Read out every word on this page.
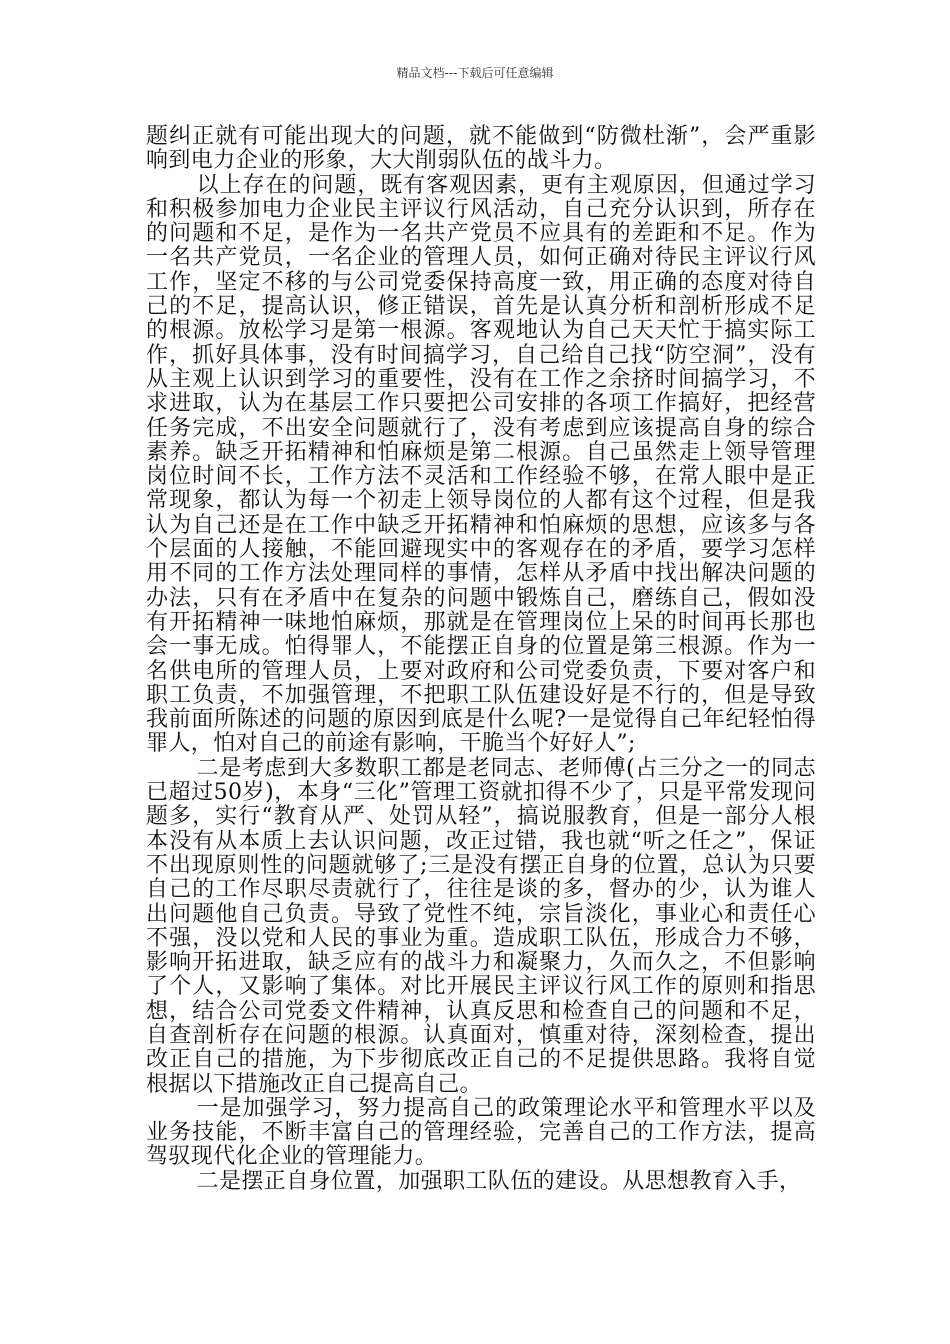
精品文档---下载后可任意编辑

题纠正就有可能出现大的问题，就不能做到“防微杜渐”，会严重影响到电力企业的形象，大大削弱队伍的战斗力。

以上存在的问题，既有客观因素，更有主观原因，但通过学习和积极参加电力企业民主评议行风活动，自己充分认识到，所存在的问题和不足，是作为一名共产党员不应具有的差距和不足。作为一名共产党员，一名企业的管理人员，如何正确对待民主评议行风工作，坚定不移的与公司党委保持高度一致，用正确的态度对待自己的不足，提高认识，修正错误，首先是认真分析和剖析形成不足的根源。放松学习是第一根源。客观地认为自己天天忙于搞实际工作，抓好具体事，没有时间搞学习，自己给自己找“防空洞”，没有从主观上认识到学习的重要性，没有在工作之余挤时间搞学习，不求进取，认为在基层工作只要把公司安排的各项工作搞好，把经营任务完成，不出安全问题就行了，没有考虑到应该提高自身的综合素养。缺乏开拓精神和怕麻烦是第二根源。自己虽然走上领导管理岗位时间不长，工作方法不灵活和工作经验不够，在常人眼中是正常现象，都认为每一个初走上领导岗位的人都有这个过程，但是我认为自己还是在工作中缺乏开拓精神和怕麻烦的思想，应该多与各个层面的人接触，不能回避现实中的客观存在的矛盾，要学习怎样用不同的工作方法处理同样的事情，怎样从矛盾中找出解决问题的办法，只有在矛盾中在复杂的问题中锻炼自己，磨练自己，假如没有开拓精神一味地怕麻烦，那就是在管理岗位上呆的时间再长那也会一事无成。怕得罪人，不能摆正自身的位置是第三根源。作为一名供电所的管理人员，上要对政府和公司党委负责，下要对客户和职工负责，不加强管理，不把职工队伍建设好是不行的，但是导致我前面所陈述的问题的原因到底是什么呢?一是觉得自己年纪轻怕得罪人，怕对自己的前途有影响，干脆当个好好人”;

二是考虑到大多数职工都是老同志、老师傅(占三分之一的同志已超过50岁)，本身“三化”管理工资就扣得不少了，只是平常发现问题多，实行“教育从严、处罚从轻”，搞说服教育，但是一部分人根本没有从本质上去认识问题，改正过错，我也就“听之任之”，保证不出现原则性的问题就够了;三是没有摆正自身的位置，总认为只要自己的工作尽职尽责就行了，往往是谈的多，督办的少，认为谁人出问题他自己负责。导致了党性不纯，宗旨淡化，事业心和责任心不强，没以党和人民的事业为重。造成职工队伍，形成合力不够，影响开拓进取，缺乏应有的战斗力和凝聚力，久而久之，不但影响了个人，又影响了集体。对比开展民主评议行风工作的原则和指思想，结合公司党委文件精神，认真反思和检查自己的问题和不足，自查剖析存在问题的根源。认真面对，慎重对待，深刻检查，提出改正自己的措施，为下步彻底改正自己的不足提供思路。我将自觉根据以下措施改正自己提高自己。

一是加强学习，努力提高自己的政策理论水平和管理水平以及业务技能，不断丰富自己的管理经验，完善自己的工作方法，提高驾驭现代化企业的管理能力。

二是摆正自身位置，加强职工队伍的建设。从思想教育入手，
